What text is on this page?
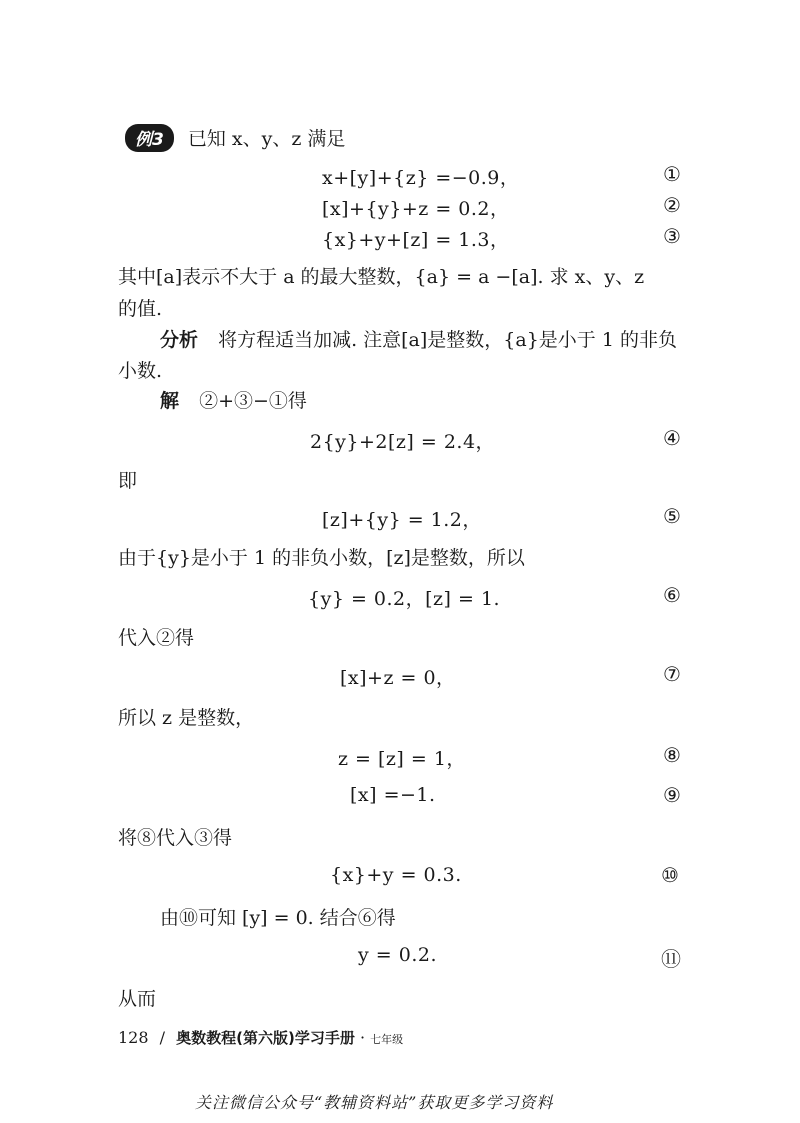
例3 已知 x、y、z 满足
x+[y]+{z} =−0.9，	①
[x]+{y}+z = 0.2，	②
{x}+y+[z] = 1.3，	③
其中[a]表示不大于 a 的最大整数，{a} = a −[a]. 求 x、y、z
的值.
分析 将方程适当加减. 注意[a]是整数，{a}是小于 1 的非负
小数.
解 ②+③−①得
2{y}+2[z] = 2.4，	④
即
[z]+{y} = 1.2，	⑤
由于{y}是小于 1 的非负小数，[z]是整数，所以
{y} = 0.2，[z] = 1.	⑥
代入②得
[x]+z = 0，	⑦
所以 z 是整数，
z = [z] = 1，	⑧
[x] =−1.	⑨
将⑧代入③得
{x}+y = 0.3.	⑩
由⑩可知 [y] = 0. 结合⑥得
y = 0.2.	⑪
从而
128 / 奥数教程(第六版)学习手册 · 七年级
关注微信公众号“教辅资料站”获取更多学习资料
